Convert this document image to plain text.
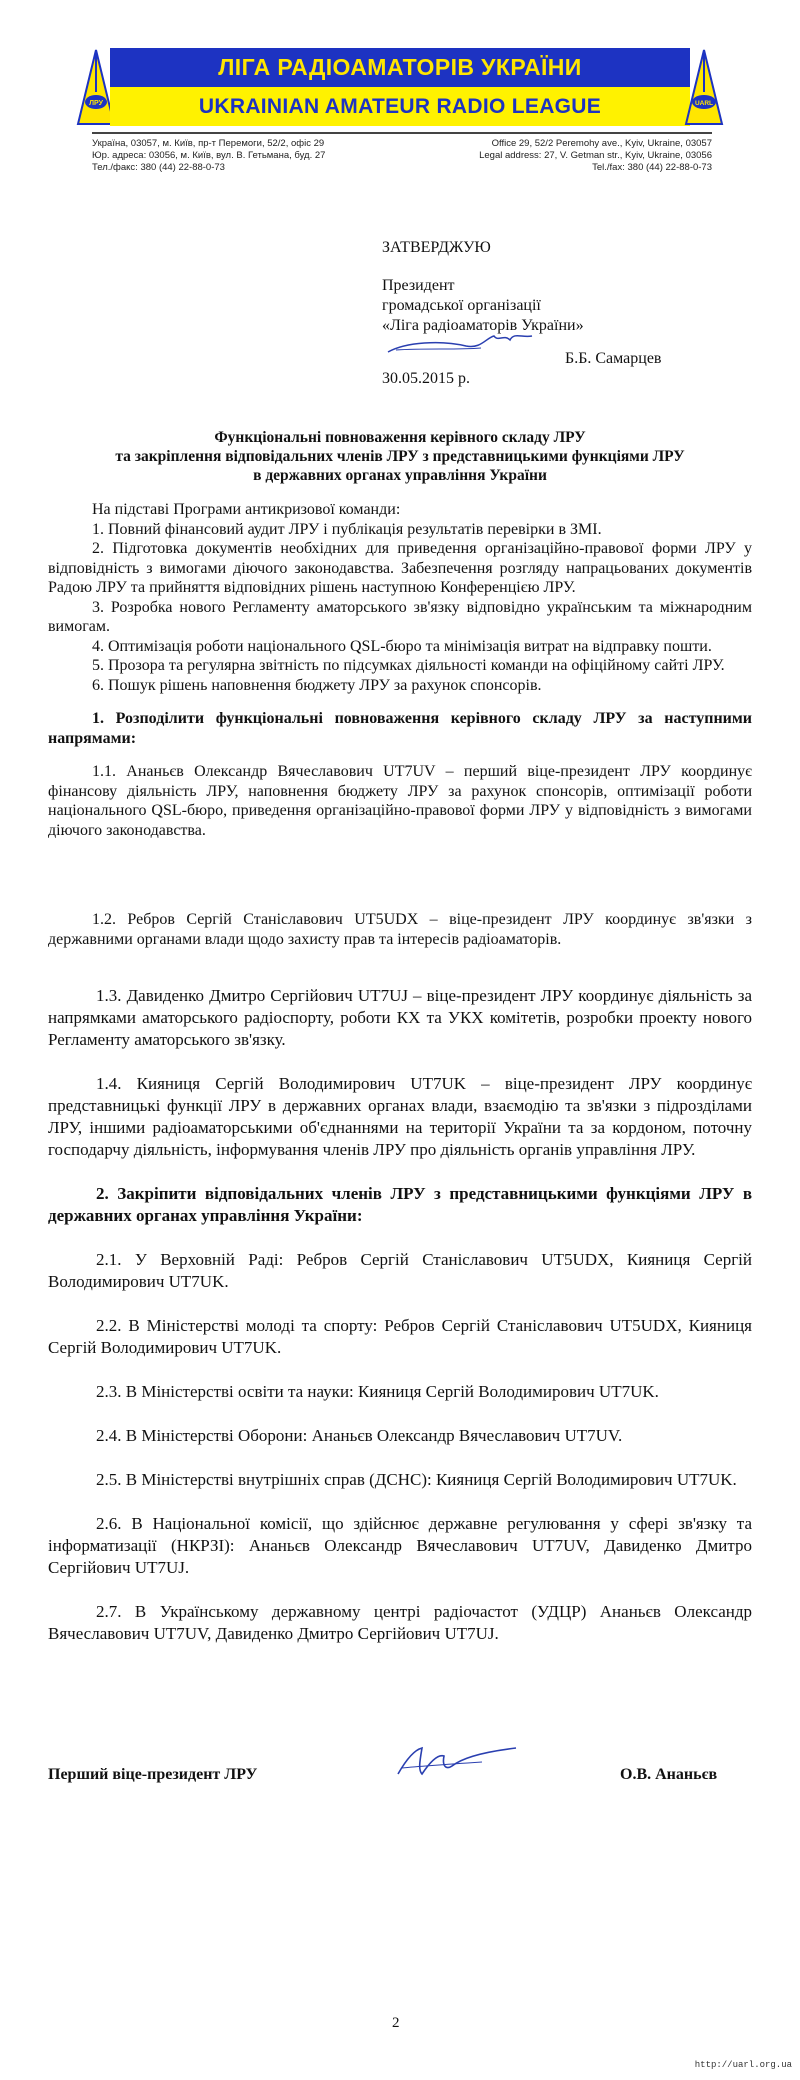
ЛРУ
ЛІГА РАДІОАМАТОРІВ УКРАЇНИ
UKRAINIAN AMATEUR RADIO LEAGUE	UARL
Україна, 03057, м. Київ, пр-т Перемоги, 52/2, офіс 29
Юр. адреса: 03056, м. Київ, вул. В. Гетьмана, буд. 27
Тел./факс: 380 (44) 22-88-0-73
Office 29, 52/2 Peremohy ave., Kyiv, Ukraine, 03057
Legal address: 27, V. Getman str., Kyiv, Ukraine, 03056
Tel./fax: 380 (44) 22-88-0-73

ЗАТВЕРДЖУЮ

Президент

громадської організації

«Ліга радіоаматорів України»

Б.Б. Самарцев
30.05.2015 р.
Функціональні повноваження керівного складу ЛРУ
та закріплення відповідальних членів ЛРУ з представницькими функціями ЛРУ
в державних органах управління України

На підставі Програми антикризової команди:

1. Повний фінансовий аудит ЛРУ і публікація результатів перевірки в ЗМІ.

2. Підготовка документів необхідних для приведення організаційно-правової форми ЛРУ у відповідність з вимогами діючого законодавства. Забезпечення розгляду напрацьованих документів Радою ЛРУ та прийняття відповідних рішень наступною Конференцією ЛРУ.

3. Розробка нового Регламенту аматорського зв'язку відповідно українським та міжнародним вимогам.

4. Оптимізація роботи національного QSL-бюро та мінімізація витрат на відправку пошти.

5. Прозора та регулярна звітність по підсумках діяльності команди на офіційному сайті ЛРУ.

6. Пошук рішень наповнення бюджету ЛРУ за рахунок спонсорів.

1. Розподілити функціональні повноваження керівного складу ЛРУ за наступними напрямами:

1.1. Ананьєв Олександр Вячеславович UT7UV – перший віце-президент ЛРУ координує фінансову діяльність ЛРУ, наповнення бюджету ЛРУ за рахунок спонсорів, оптимізації роботи національного QSL-бюро, приведення організаційно-правової форми ЛРУ у відповідність з вимогами діючого законодавства.

1.2. Ребров Сергій Станіславович UT5UDX – віце-президент ЛРУ координує зв'язки з державними органами влади щодо захисту прав та інтересів радіоаматорів.

1.3. Давиденко Дмитро Сергійович UT7UJ – віце-президент ЛРУ координує діяльність за напрямками аматорського радіоспорту, роботи КХ та УКХ комітетів, розробки проекту нового Регламенту аматорського зв'язку.

1.4. Кияниця Сергій Володимирович UT7UK – віце-президент ЛРУ координує представницькі функції ЛРУ в державних органах влади, взаємодію та зв'язки з підрозділами ЛРУ, іншими радіоаматорськими об'єднаннями на території України та за кордоном, поточну господарчу діяльність, інформування членів ЛРУ про діяльність органів управління ЛРУ.

2. Закріпити відповідальних членів ЛРУ з представницькими функціями ЛРУ в державних органах управління України:

2.1. У Верховній Раді: Ребров Сергій Станіславович UT5UDX, Кияниця Сергій Володимирович UT7UK.

2.2. В Міністерстві молоді та спорту: Ребров Сергій Станіславович UT5UDX, Кияниця Сергій Володимирович UT7UK.

2.3. В Міністерстві освіти та науки: Кияниця Сергій Володимирович UT7UK.

2.4. В Міністерстві Оборони: Ананьєв Олександр Вячеславович UT7UV.

2.5. В Міністерстві внутрішніх справ (ДСНС): Кияниця Сергій Володимирович UT7UK.

2.6. В Національної комісії, що здійснює державне регулювання у сфері зв'язку та інформатизації (НКРЗІ): Ананьєв Олександр Вячеславович UT7UV, Давиденко Дмитро Сергійович UT7UJ.

2.7. В Українському державному центрі радіочастот (УДЦР) Ананьєв Олександр Вячеславович UT7UV, Давиденко Дмитро Сергійович UT7UJ.

Перший віце-президент ЛРУ	О.В. Ананьєв
2
http://uarl.org.ua
